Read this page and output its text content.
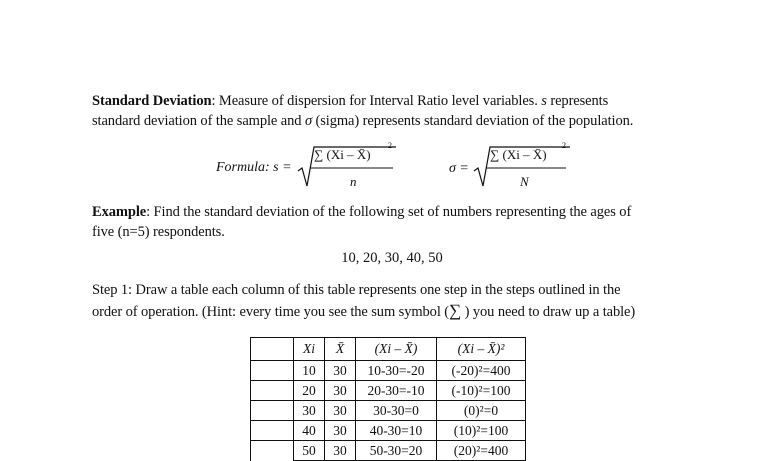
Standard Deviation: Measure of dispersion for Interval Ratio level variables. s represents
standard deviation of the sample and σ (sigma) represents standard deviation of the population.
Formula: s =
∑ (Xi – X̄)
2
n
σ =
∑ (Xi – X̄)
2
N
Example: Find the standard deviation of the following set of numbers representing the ages of
five (n=5) respondents.
10, 20, 30, 40, 50
Step 1: Draw a table each column of this table represents one step in the steps outlined in the
order of operation. (Hint: every time you see the sum symbol (∑ ) you need to draw up a table)
	Xi	X̄	(Xi – X̄)	(Xi – X̄)²
	10	30	10-30=-20	(-20)²=400
	20	30	20-30=-10	(-10)²=100
	30	30	30-30=0	(0)²=0
	40	30	40-30=10	(10)²=100
	50	30	50-30=20	(20)²=400
